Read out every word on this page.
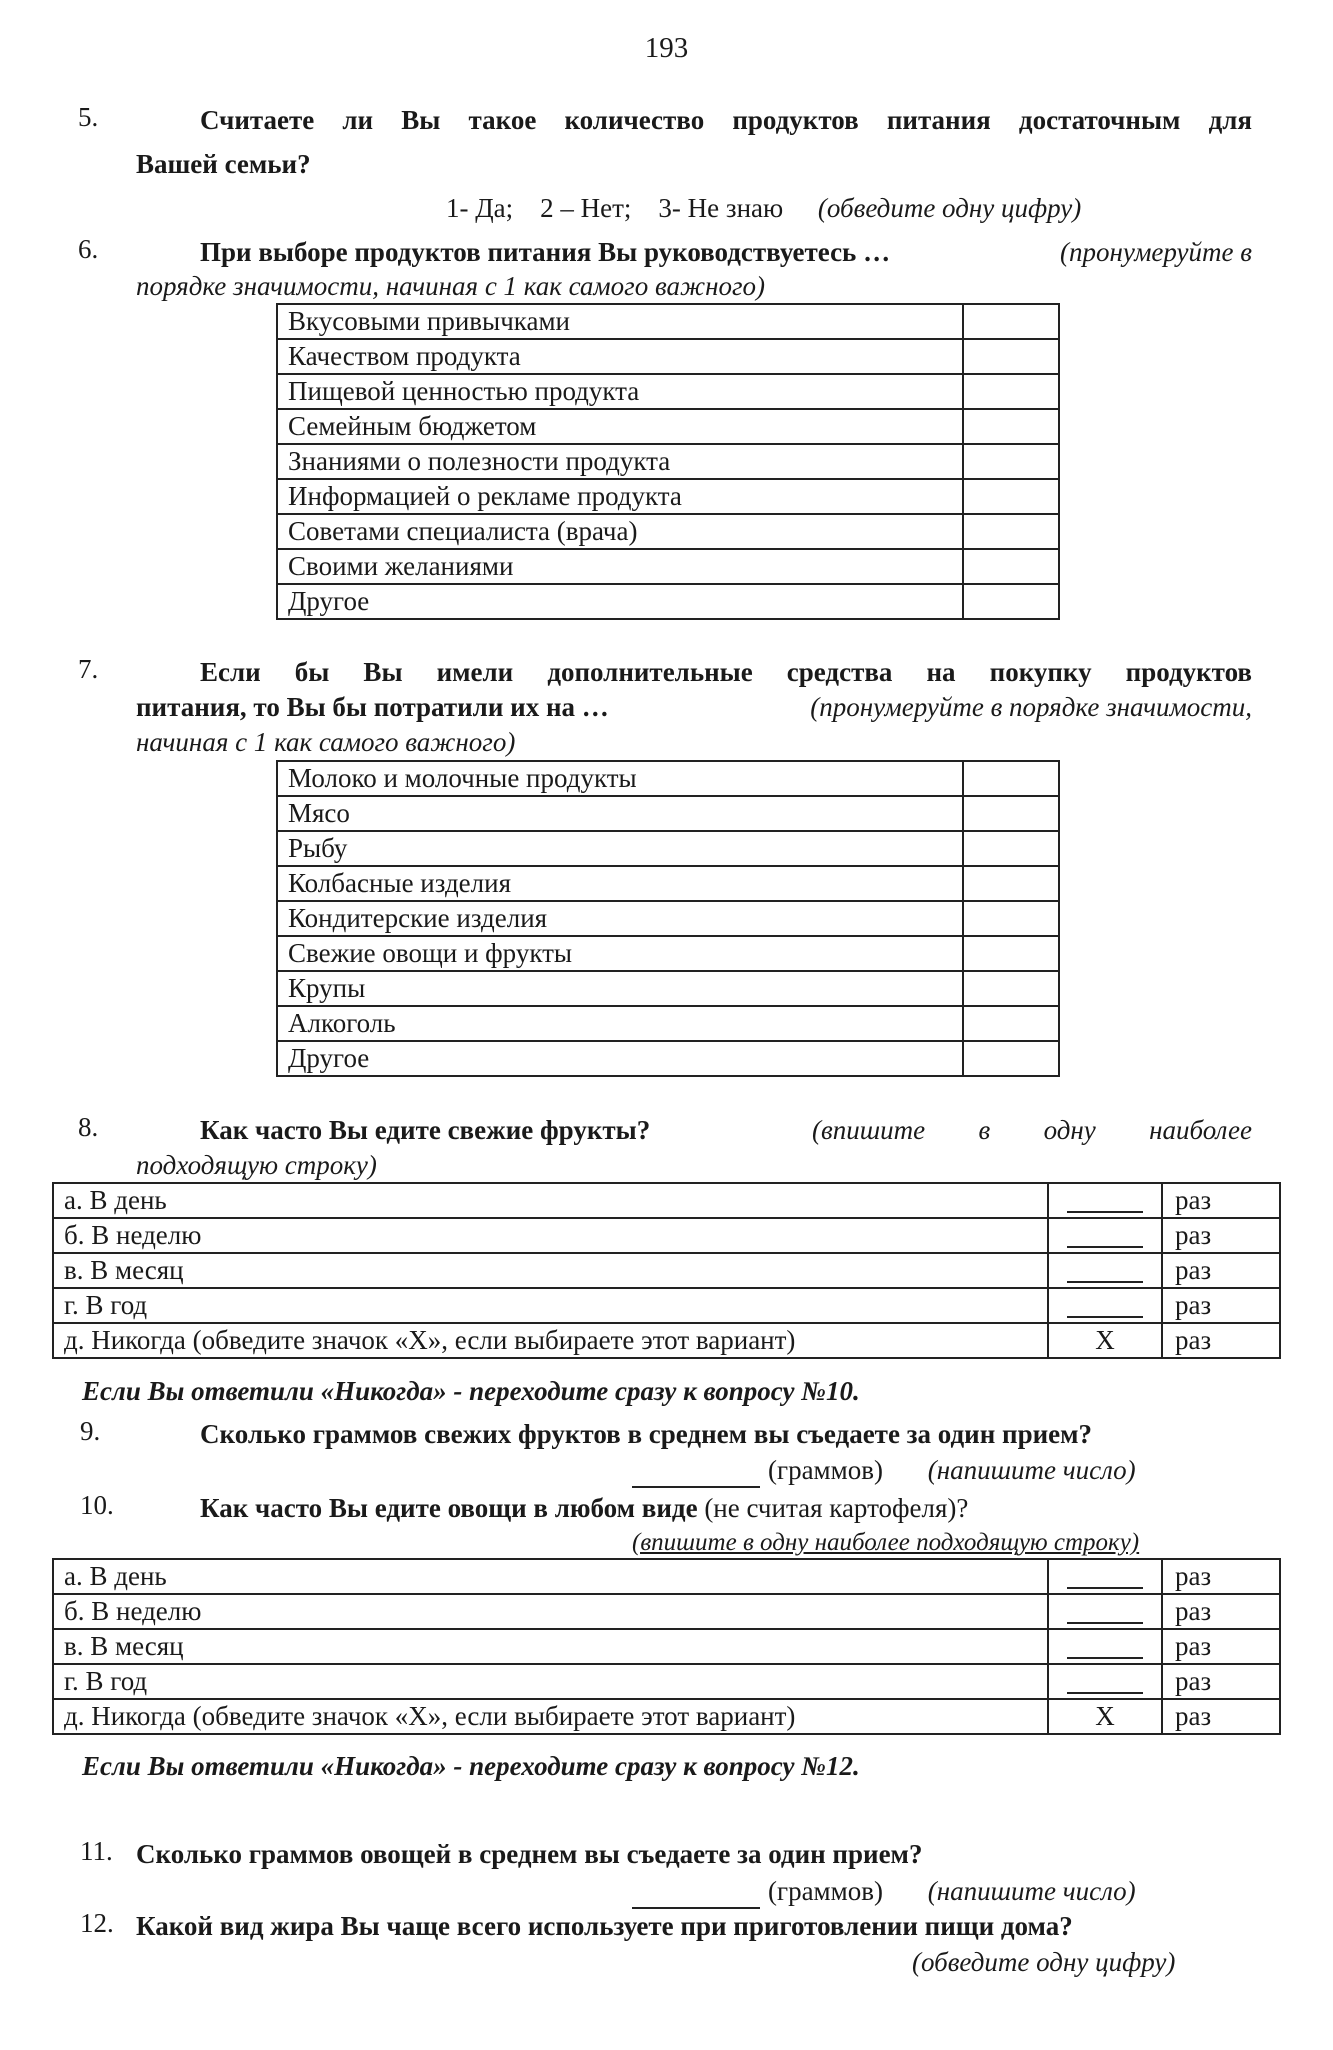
193
5.	Считаете ли Вы такое количество продуктов питания достаточным для
Вашей семьи?
1- Да;    2 – Нет;    3- Не знаю (обведите одну цифру)
6.	При выборе продуктов питания Вы руководствуетесь …	(пронумеруйте в
порядке значимости, начиная с 1 как самого важного)
Вкусовыми привычками	
Качеством продукта	
Пищевой ценностью продукта	
Семейным бюджетом	
Знаниями о полезности продукта	
Информацией о рекламе продукта	
Советами специалиста (врача)	
Своими желаниями	
Другое	
7.	Если бы Вы имели дополнительные средства на покупку продуктов
питания, то Вы бы потратили их на …	(пронумеруйте в порядке значимости,
начиная с 1 как самого важного)
Молоко и молочные продукты	
Мясо	
Рыбу	
Колбасные изделия	
Кондитерские изделия	
Свежие овощи и фрукты	
Крупы	
Алкоголь	
Другое	
8.	Как часто Вы едите свежие фрукты?	(впишите в одну наиболее
подходящую строку)
а. В день		раз
б. В неделю		раз
в. В месяц		раз
г. В год		раз
д. Никогда (обведите значок «Х», если выбираете этот вариант)	Х	раз
Если Вы ответили «Никогда» - переходите сразу к вопросу №10.
9.	Сколько граммов свежих фруктов в среднем вы съедаете за один прием?
(граммов) (напишите число)
10.	Как часто Вы едите овощи в любом виде (не считая картофеля)?
(впишите в одну наиболее подходящую строку)
а. В день		раз
б. В неделю		раз
в. В месяц		раз
г. В год		раз
д. Никогда (обведите значок «Х», если выбираете этот вариант)	Х	раз
Если Вы ответили «Никогда» - переходите сразу к вопросу №12.
11. Сколько граммов овощей в среднем вы съедаете за один прием?
(граммов) (напишите число)
12. Какой вид жира Вы чаще всего используете при приготовлении пищи дома?
(обведите одну цифру)
